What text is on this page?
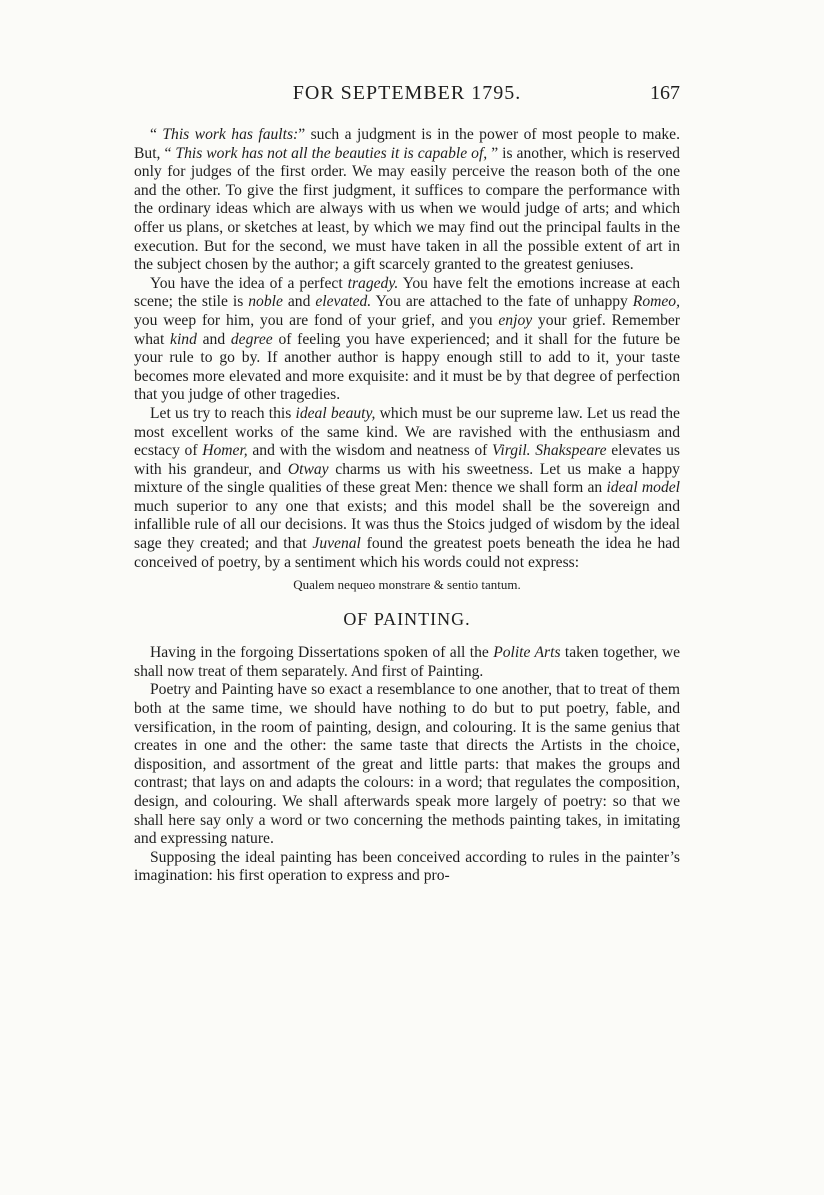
FOR SEPTEMBER 1795.	167

“ This work has faults:” such a judgment is in the power of most people to make. But, “ This work has not all the beauties it is capable of, ” is another, which is reserved only for judges of the first order. We may easily perceive the reason both of the one and the other. To give the first judgment, it suffices to compare the performance with the ordinary ideas which are always with us when we would judge of arts; and which offer us plans, or sketches at least, by which we may find out the principal faults in the execution. But for the second, we must have taken in all the possible extent of art in the subject chosen by the author; a gift scarcely granted to the greatest geniuses.

You have the idea of a perfect tragedy. You have felt the emotions increase at each scene; the stile is noble and elevated. You are attached to the fate of unhappy Romeo, you weep for him, you are fond of your grief, and you enjoy your grief. Remember what kind and degree of feeling you have experienced; and it shall for the future be your rule to go by. If another author is happy enough still to add to it, your taste becomes more elevated and more exquisite: and it must be by that degree of perfection that you judge of other tragedies.

Let us try to reach this ideal beauty, which must be our supreme law. Let us read the most excellent works of the same kind. We are ravished with the enthusiasm and ecstacy of Homer, and with the wisdom and neatness of Virgil. Shakspeare elevates us with his grandeur, and Otway charms us with his sweetness. Let us make a happy mixture of the single qualities of these great Men: thence we shall form an ideal model much superior to any one that exists; and this model shall be the sovereign and infallible rule of all our decisions. It was thus the Stoics judged of wisdom by the ideal sage they created; and that Juvenal found the greatest poets beneath the idea he had conceived of poetry, by a sentiment which his words could not express:

Qualem nequeo monstrare & sentio tantum.
OF PAINTING.

Having in the forgoing Dissertations spoken of all the Polite Arts taken together, we shall now treat of them separately. And first of Painting.

Poetry and Painting have so exact a resemblance to one another, that to treat of them both at the same time, we should have nothing to do but to put poetry, fable, and versification, in the room of painting, design, and colouring. It is the same genius that creates in one and the other: the same taste that directs the Artists in the choice, disposition, and assortment of the great and little parts: that makes the groups and contrast; that lays on and adapts the colours: in a word; that regulates the composition, design, and colouring. We shall afterwards speak more largely of poetry: so that we shall here say only a word or two concerning the methods painting takes, in imitating and expressing nature.

Supposing the ideal painting has been conceived according to rules in the painter’s imagination: his first operation to express and pro-
